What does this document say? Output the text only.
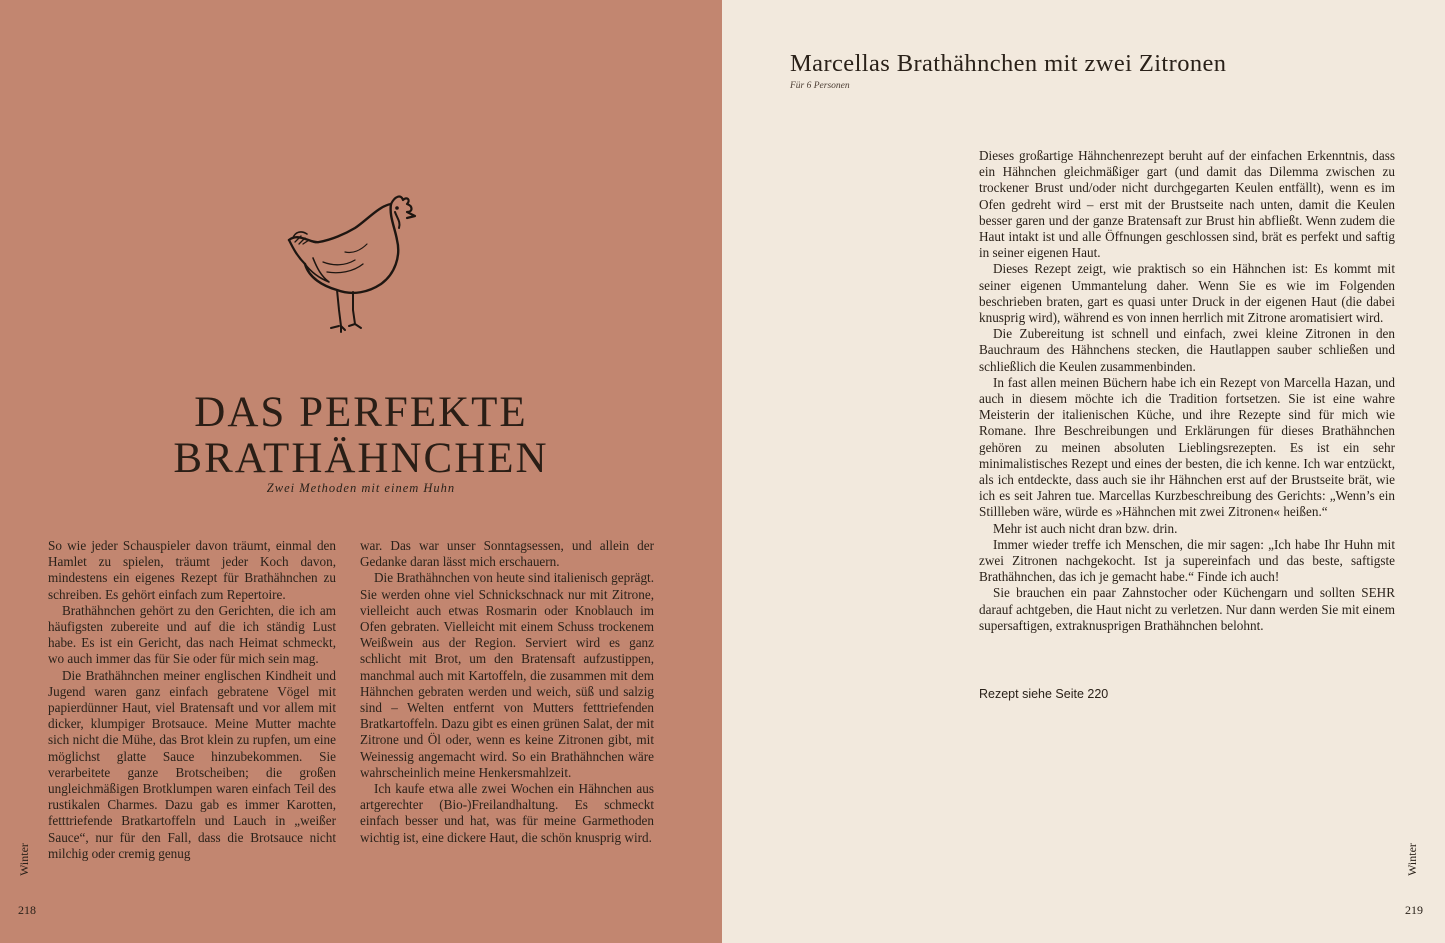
DAS PERFEKTE
BRATHÄHNCHEN
Zwei Methoden mit einem Huhn

So wie jeder Schauspieler davon träumt, einmal den Hamlet zu spielen, träumt jeder Koch davon, mindestens ein eigenes Rezept für Brathähnchen zu schreiben. Es gehört einfach zum Repertoire.

Brathähnchen gehört zu den Gerichten, die ich am häufigsten zubereite und auf die ich ständig Lust habe. Es ist ein Gericht, das nach Heimat schmeckt, wo auch immer das für Sie oder für mich sein mag.

Die Brathähnchen meiner englischen Kindheit und Jugend waren ganz einfach gebratene Vögel mit papierdünner Haut, viel Bratensaft und vor allem mit dicker, klumpiger Brotsauce. Meine Mutter machte sich nicht die Mühe, das Brot klein zu rupfen, um eine möglichst glatte Sauce hinzubekommen. Sie verarbeitete ganze Brotscheiben; die großen ungleichmäßigen Brotklumpen waren einfach Teil des rustikalen Charmes. Dazu gab es immer Karotten, fetttriefende Bratkartoffeln und Lauch in „weißer Sauce“, nur für den Fall, dass die Brotsauce nicht milchig oder cremig genug

war. Das war unser Sonntagsessen, und allein der Gedanke daran lässt mich erschauern.

Die Brathähnchen von heute sind italienisch geprägt. Sie werden ohne viel Schnickschnack nur mit Zitrone, vielleicht auch etwas Rosmarin oder Knoblauch im Ofen gebraten. Vielleicht mit einem Schuss trockenem Weißwein aus der Region. Serviert wird es ganz schlicht mit Brot, um den Bratensaft aufzustippen, manchmal auch mit Kartoffeln, die zusammen mit dem Hähnchen gebraten werden und weich, süß und salzig sind – Welten entfernt von Mutters fetttriefenden Bratkartoffeln. Dazu gibt es einen grünen Salat, der mit Zitrone und Öl oder, wenn es keine Zitronen gibt, mit Weinessig angemacht wird. So ein Brathähnchen wäre wahrscheinlich meine Henkersmahlzeit.

Ich kaufe etwa alle zwei Wochen ein Hähnchen aus artgerechter (Bio-)Freilandhaltung. Es schmeckt einfach besser und hat, was für meine Garmethoden wichtig ist, eine dickere Haut, die schön knusprig wird.

Winter
218
Marcellas Brathähnchen mit zwei Zitronen
Für 6 Personen

Dieses großartige Hähnchenrezept beruht auf der einfachen Erkenntnis, dass ein Hähnchen gleichmäßiger gart (und damit das Dilemma zwischen zu trockener Brust und/oder nicht durchgegarten Keulen entfällt), wenn es im Ofen gedreht wird – erst mit der Brustseite nach unten, damit die Keulen besser garen und der ganze Bratensaft zur Brust hin abfließt. Wenn zudem die Haut intakt ist und alle Öffnungen geschlossen sind, brät es perfekt und saftig in seiner eigenen Haut.

Dieses Rezept zeigt, wie praktisch so ein Hähnchen ist: Es kommt mit seiner eigenen Ummantelung daher. Wenn Sie es wie im Folgenden beschrieben braten, gart es quasi unter Druck in der eigenen Haut (die dabei knusprig wird), während es von innen herrlich mit Zitrone aromatisiert wird.

Die Zubereitung ist schnell und einfach, zwei kleine Zitronen in den Bauchraum des Hähnchens stecken, die Hautlappen sauber schließen und schließlich die Keulen zusammenbinden.

In fast allen meinen Büchern habe ich ein Rezept von Marcella Hazan, und auch in diesem möchte ich die Tradition fortsetzen. Sie ist eine wahre Meisterin der italienischen Küche, und ihre Rezepte sind für mich wie Romane. Ihre Beschreibungen und Erklärungen für dieses Brathähnchen gehören zu meinen absoluten Lieblingsrezepten. Es ist ein sehr minimalistisches Rezept und eines der besten, die ich kenne. Ich war entzückt, als ich entdeckte, dass auch sie ihr Hähnchen erst auf der Brustseite brät, wie ich es seit Jahren tue. Marcellas Kurzbeschreibung des Gerichts: „Wenn’s ein Stillleben wäre, würde es »Hähnchen mit zwei Zitronen« heißen.“

Mehr ist auch nicht dran bzw. drin.

Immer wieder treffe ich Menschen, die mir sagen: „Ich habe Ihr Huhn mit zwei Zitronen nachgekocht. Ist ja supereinfach und das beste, saftigste Brathähnchen, das ich je gemacht habe.“ Finde ich auch!

Sie brauchen ein paar Zahnstocher oder Küchengarn und sollten SEHR darauf achtgeben, die Haut nicht zu verletzen. Nur dann werden Sie mit einem supersaftigen, extraknusprigen Brathähnchen belohnt.

Rezept siehe Seite 220
Winter
219
